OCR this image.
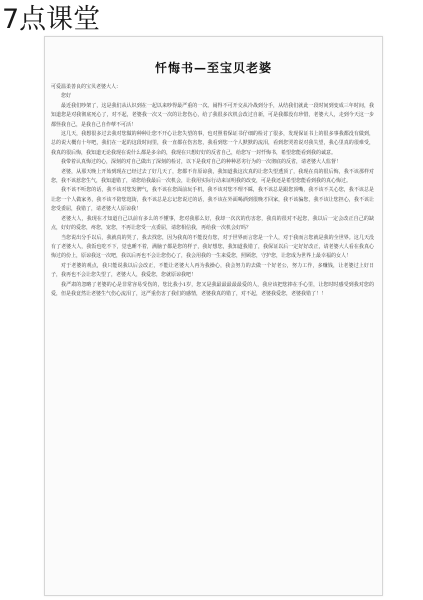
7点课堂
忏悔书—至宝贝老婆

可爱温柔善良的宝贝老婆大人：

您好

最近我们吵架了，这是我们从认识到在一起以来吵得最严重的一次。闹得不可开交从冷战到分手，从结我们就此一段时间到变成三年时间，我知道您是对我彻底死心了，对不起，老婆我一次又一次的让您伤心，给了我很多次机会改过自新，可是我都没有珍惜，老婆大人，走到今天这一步都怪我自己，是我自己自作孽不可活！

这几天，我想很多过去我对您做的种种让您不开心让您失望的事，也对照着保证书仔细的检讨了很多，发现保证书上的很多事我都没有做到，总的说大概有十年吧，我们在一起的这段时间里，我一直都在伤害您，我看到您一个人默默的流泪，看到您哭着说对我失望，我心里真的很难受，我真的很后悔，我知道无论我现在说什么都是多余的，我现在只想好好的反省自己，给您写一封忏悔书，希望您能看到我的诚意。

我带着认真悔过的心，深刻的对自己做出了深刻的检讨，以下是我对自己的种种恶劣行为的一次彻底的反省，请老婆大人监督！

老婆，从那天晚上开始到现在已经过去了好几天了，您都不肯原谅我，我知道我这次真的让您失望透顶了，我现在真的很后悔，我不该那样对您，我不该惹您生气，我知道错了，请您给我最后一次机会，让我用实际行动来证明我的改变，可是我还是希望您能看到我的真心悔过。

我不该不听您的话，我不该对您发脾气，我不该在您面前玩手机，我不该对您不理不睬，我不该总是跟您顶嘴，我不该不关心您，我不该总是让您一个人做家务，我不该不陪您逛街，我不该总是忘记您说过的话，我不该在外面喝酒到很晚才回家，我不该骗您，我不该让您担心，我不该让您受委屈，我错了，请老婆大人原谅我！

老婆大人，我现在才知道自己以前有多么的不懂事，您对我那么好，我却一次次的伤害您，我真的很对不起您，我以后一定会改正自己的缺点，好好的爱您，疼您，宠您，不再让您受一点委屈，请您相信我，再给我一次机会好吗？

当您说出分手以后，我就真的哭了，我去找您，因为我真的不能没有您，对于世界而言您是一个人，对于我而言您就是我的全世界。这几天没有了老婆大人，我饭也吃不下，觉也睡不着，满脑子都是您的样子，我好想您，我知道我错了，我保证以后一定好好改正，请老婆大人看在我真心悔过的份上，原谅我这一次吧，我以后再也不会让您伤心了，我会用我的一生来爱您，照顾您，守护您，让您成为世界上最幸福的女人！

对于老婆的观点，我只能说我以后会改正，不能让老婆大人再为我操心，我会努力的去做一个好老公，努力工作，多赚钱，让老婆过上好日子，我再也不会让您失望了，老婆大人，我爱您，您就原谅我吧！

我严肃的忽略了老婆的心是非常容易受伤的，您比我小1岁，您又是我最最最最最爱的人，我应该把您捧在手心里，让您时时感受到我对您的爱，但是我竟然让老婆生气伤心流泪了，这严重伤害了我们的感情，老婆我真的错了，对不起，老婆我爱您，老婆我错了！！
